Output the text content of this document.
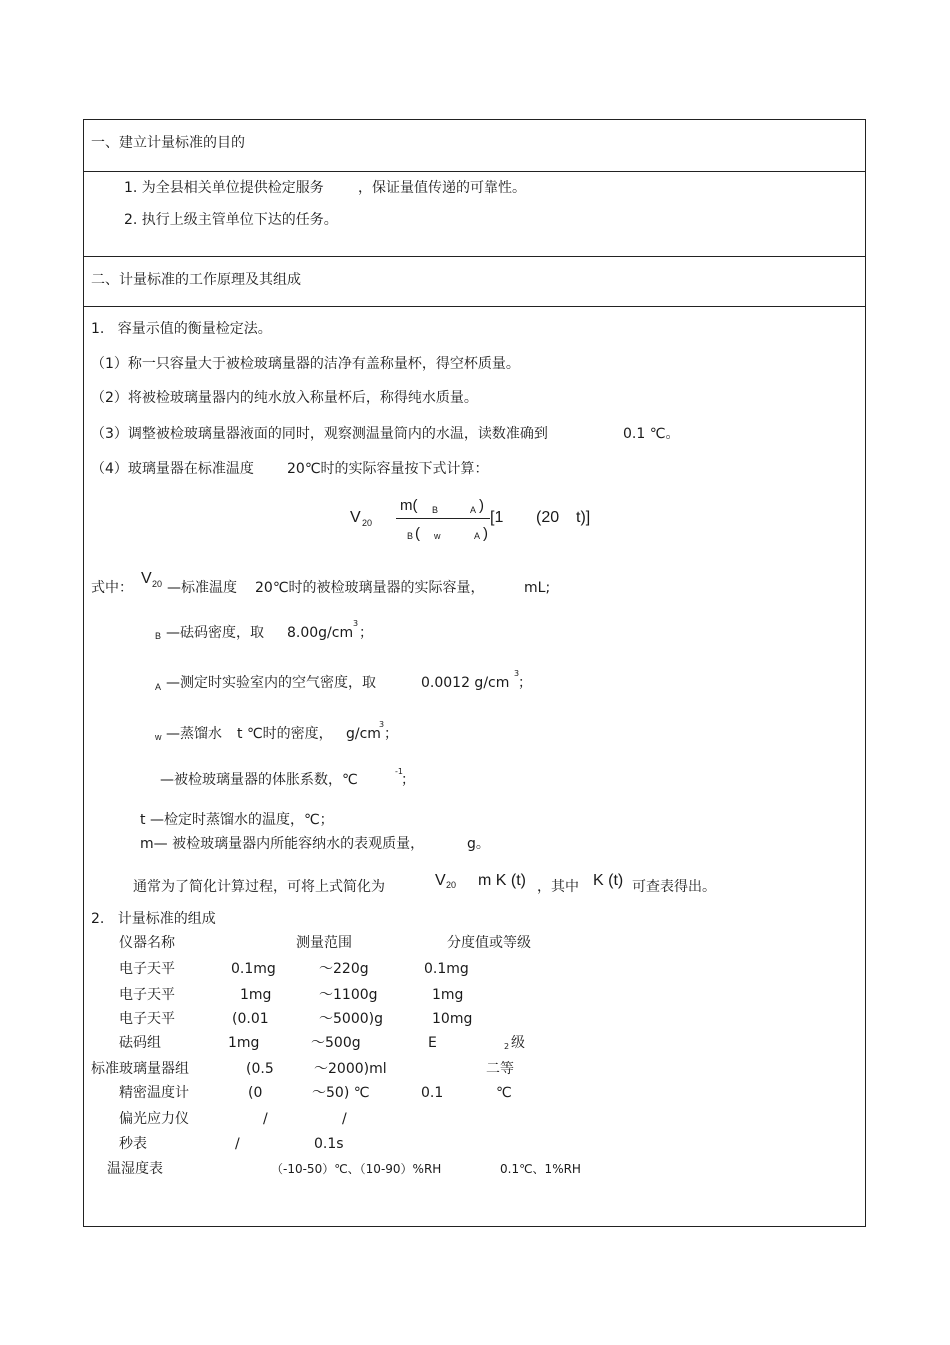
一、建立计量标准的目的
1. 为全县相关单位提供检定服务 ，保证量值传递的可靠性。
2. 执行上级主管单位下达的任务。
二、计量标准的工作原理及其组成
1.   容量示值的衡量检定法。
（1）称一只容量大于被检玻璃量器的洁净有盖称量杯，得空杯质量。
（2）将被检玻璃量器内的纯水放入称量杯后，称得纯水质量。
（3）调整被检玻璃量器液面的同时，观察测温量筒内的水温，读数准确到	0.1 ℃。
（4）玻璃量器在标准温度 20℃时的实际容量按下式计算：
V 20
m( B	A )
B ( w	A )
[1 (20 t)]
式中：
V 20 —标准温度 20℃时的被检玻璃量器的实际容量，	mL;
B —砝码密度，取 8.00g/cm
3
；
A —测定时实验室内的空气密度，取	0.0012 g/cm
3
；
w —蒸馏水 t ℃时的密度， g/cm
3
；
—被检玻璃量器的体胀系数，℃
-1
；
t —检定时蒸馏水的温度，℃；
m— 被检玻璃量器内所能容纳水的表观质量，	g。
通常为了简化计算过程，可将上式简化为	V 20 m K (t) ，其中 K (t) 可查表得出。
2.   计量标准的组成
仪器名称	测量范围	分度值或等级
电子天平	0.1mg	～220g	0.1mg
电子天平	1mg	～1100g	1mg
电子天平	(0.01	～5000)g	10mg
砝码组	1mg	～500g	E	2 级
标准玻璃量器组	(0.5	～2000)ml	二等
精密温度计	(0	～50) ℃	0.1	℃
偏光应力仪	/	/
秒表	/	0.1s
温湿度表	（-10-50）℃、（10-90）%RH	0.1℃、1%RH
